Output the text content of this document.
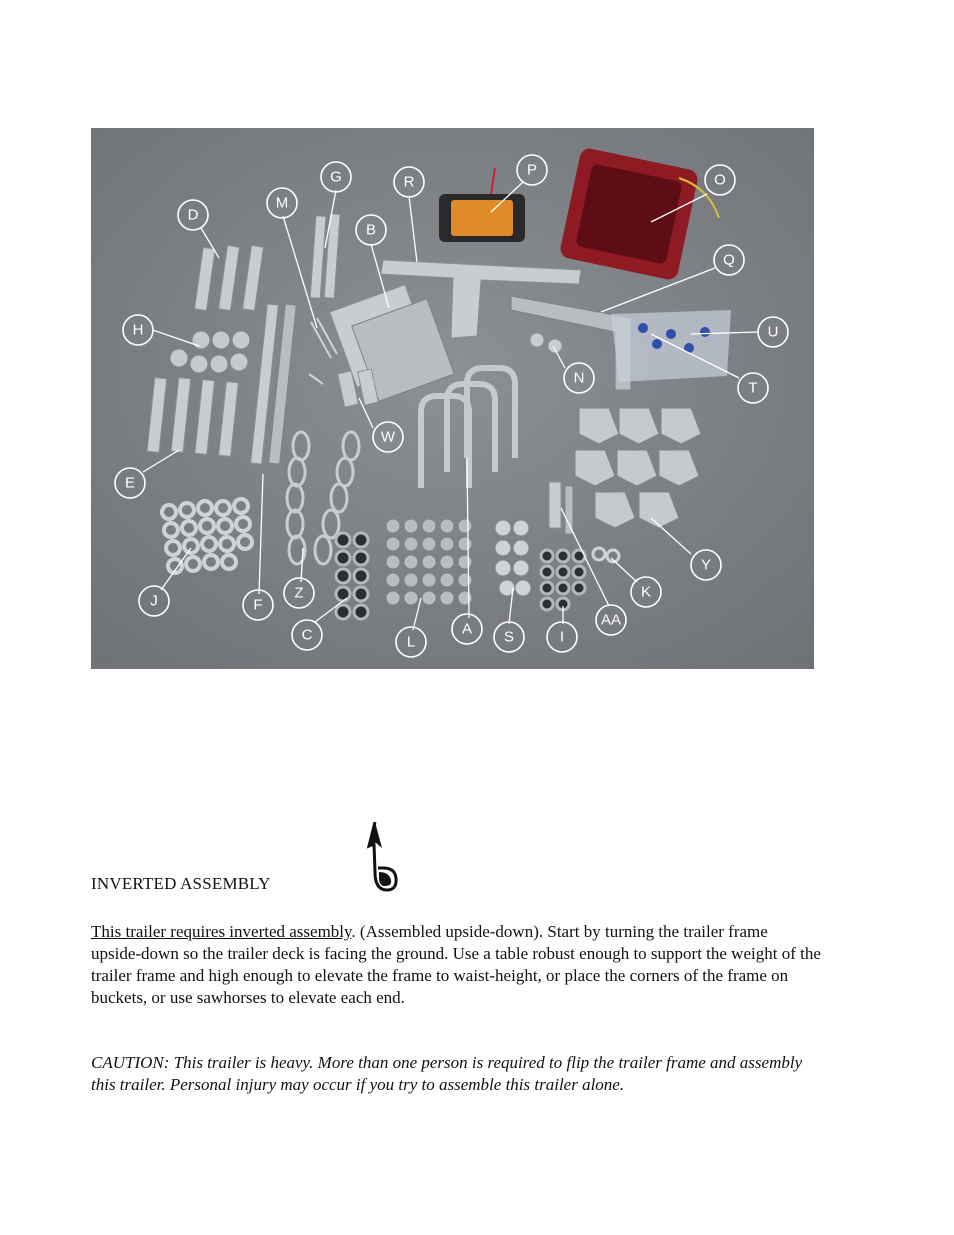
G	R
P
O
D
M
B
Q
H	U
N
T
W
E
Y
K
J	F
Z
C	L
A S	I
AA
INVERTED ASSEMBLY

This trailer requires inverted assembly. (Assembled upside-down). Start by turning the trailer frame upside-down so the trailer deck is facing the ground. Use a table robust enough to support the weight of the trailer frame and high enough to elevate the frame to waist-height, or place the corners of the frame on buckets, or use sawhorses to elevate each end.

CAUTION: This trailer is heavy. More than one person is required to flip the trailer frame and assembly this trailer. Personal injury may occur if you try to assemble this trailer alone.
